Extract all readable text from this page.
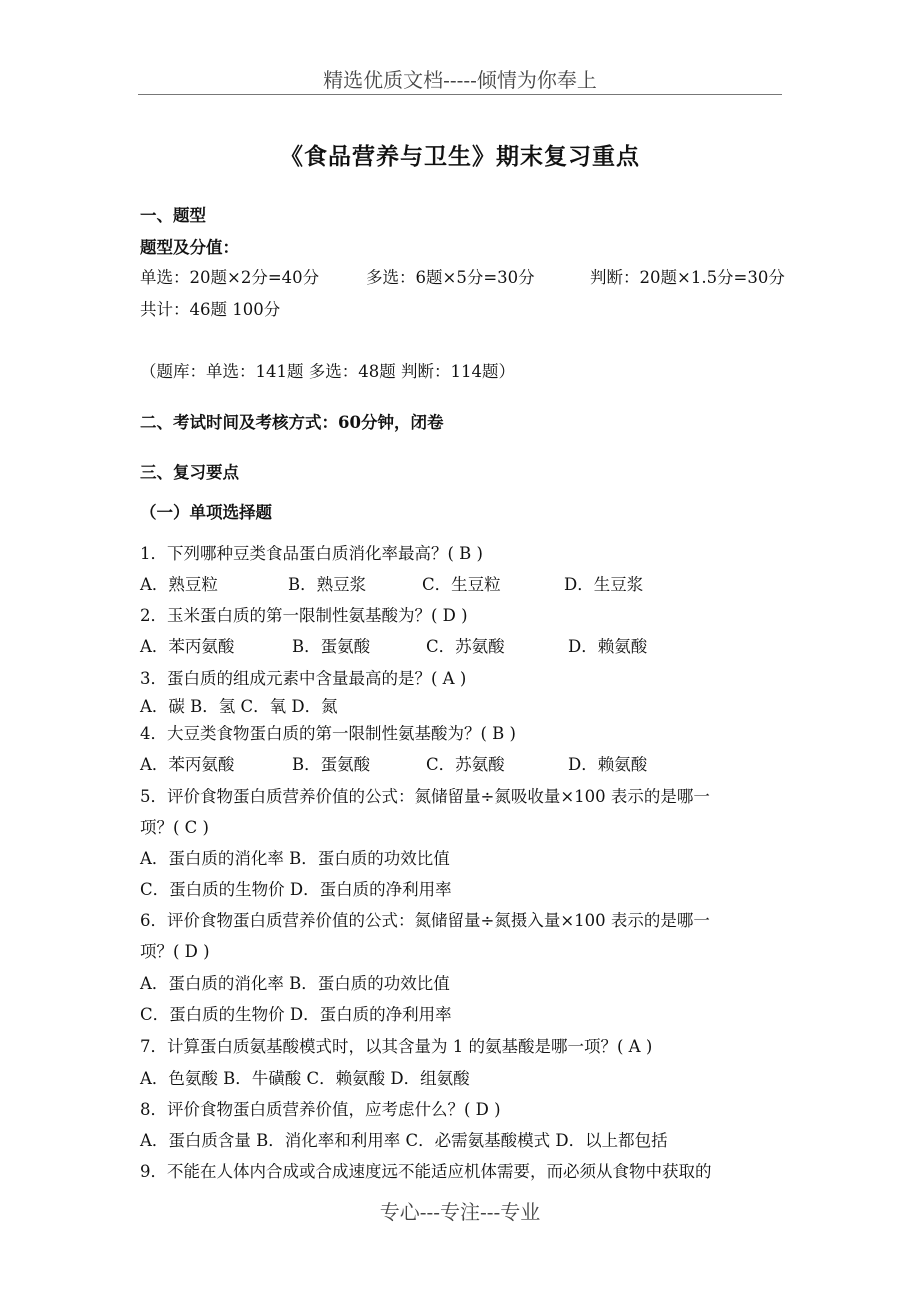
精选优质文档-----倾情为你奉上
《食品营养与卫生》期末复习重点
一、题型
题型及分值：
单选：20题×2分=40分	多选：6题×5分=30分	判断：20题×1.5分=30分
共计：46题 100分
（题库：单选：141题 多选：48题 判断：114题）
二、考试时间及考核方式：60分钟，闭卷
三、复习要点
（一）单项选择题
1．下列哪种豆类食品蛋白质消化率最高？( B )
A．熟豆粒	B．熟豆浆	C．生豆粒	D．生豆浆
2．玉米蛋白质的第一限制性氨基酸为？( D )
A．苯丙氨酸	B．蛋氨酸	C．苏氨酸	D．赖氨酸
3．蛋白质的组成元素中含量最高的是？( A )
A．碳 B．氢 C．氧 D．氮
4．大豆类食物蛋白质的第一限制性氨基酸为？( B )
A．苯丙氨酸	B．蛋氨酸	C．苏氨酸	D．赖氨酸
5．评价食物蛋白质营养价值的公式：氮储留量÷氮吸收量×100 表示的是哪一
项？( C )
A．蛋白质的消化率 B．蛋白质的功效比值
C．蛋白质的生物价 D．蛋白质的净利用率
6．评价食物蛋白质营养价值的公式：氮储留量÷氮摄入量×100 表示的是哪一
项？( D )
A．蛋白质的消化率 B．蛋白质的功效比值
C．蛋白质的生物价 D．蛋白质的净利用率
7．计算蛋白质氨基酸模式时，以其含量为 1 的氨基酸是哪一项？( A )
A．色氨酸 B．牛磺酸 C．赖氨酸 D．组氨酸
8．评价食物蛋白质营养价值，应考虑什么？( D )
A．蛋白质含量 B．消化率和利用率 C．必需氨基酸模式 D．以上都包括
9．不能在人体内合成或合成速度远不能适应机体需要，而必须从食物中获取的
专心---专注---专业
